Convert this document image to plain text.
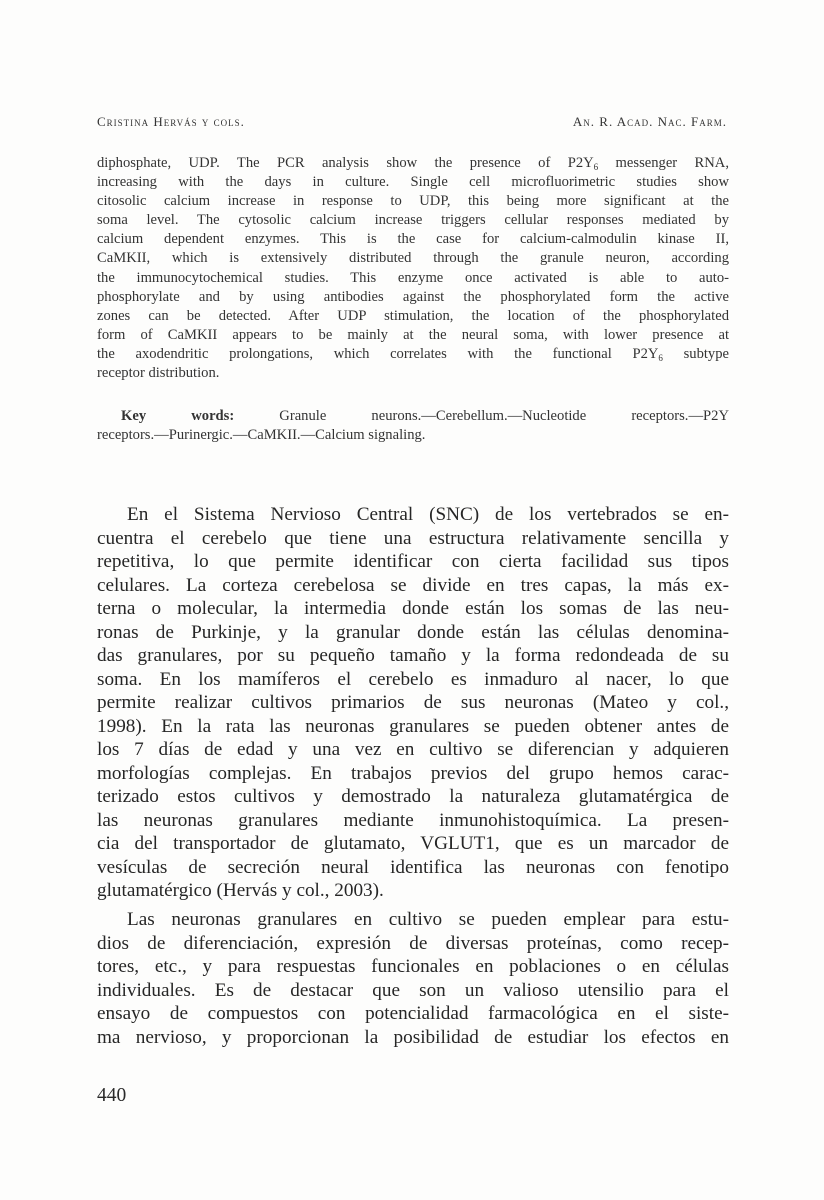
Cristina Hervás y cols.	An. R. Acad. Nac. Farm.
diphosphate, UDP. The PCR analysis show the presence of $P2Y_6$ messenger RNA,
increasing with the days in culture. Single cell microfluorimetric studies show
citosolic calcium increase in response to UDP, this being more significant at the
soma level. The cytosolic calcium increase triggers cellular responses mediated by
calcium dependent enzymes. This is the case for calcium-calmodulin kinase II,
CaMKII, which is extensively distributed through the granule neuron, according
the immunocytochemical studies. This enzyme once activated is able to auto-
phosphorylate and by using antibodies against the phosphorylated form the active
zones can be detected. After UDP stimulation, the location of the phosphorylated
form of CaMKII appears to be mainly at the neural soma, with lower presence at
the axodendritic prolongations, which correlates with the functional $P2Y_6$ subtype
receptor distribution.
Key words: Granule neurons.—Cerebellum.—Nucleotide receptors.—P2Y
receptors.—Purinergic.—CaMKII.—Calcium signaling.
En el Sistema Nervioso Central (SNC) de los vertebrados se en-
cuentra el cerebelo que tiene una estructura relativamente sencilla y
repetitiva, lo que permite identificar con cierta facilidad sus tipos
celulares. La corteza cerebelosa se divide en tres capas, la más ex-
terna o molecular, la intermedia donde están los somas de las neu-
ronas de Purkinje, y la granular donde están las células denomina-
das granulares, por su pequeño tamaño y la forma redondeada de su
soma. En los mamíferos el cerebelo es inmaduro al nacer, lo que
permite realizar cultivos primarios de sus neuronas (Mateo y col.,
1998). En la rata las neuronas granulares se pueden obtener antes de
los 7 días de edad y una vez en cultivo se diferencian y adquieren
morfologías complejas. En trabajos previos del grupo hemos carac-
terizado estos cultivos y demostrado la naturaleza glutamatérgica de
las neuronas granulares mediante inmunohistoquímica. La presen-
cia del transportador de glutamato, VGLUT1, que es un marcador de
vesículas de secreción neural identifica las neuronas con fenotipo
glutamatérgico (Hervás y col., 2003).
Las neuronas granulares en cultivo se pueden emplear para estu-
dios de diferenciación, expresión de diversas proteínas, como recep-
tores, etc., y para respuestas funcionales en poblaciones o en células
individuales. Es de destacar que son un valioso utensilio para el
ensayo de compuestos con potencialidad farmacológica en el siste-
ma nervioso, y proporcionan la posibilidad de estudiar los efectos en
440
